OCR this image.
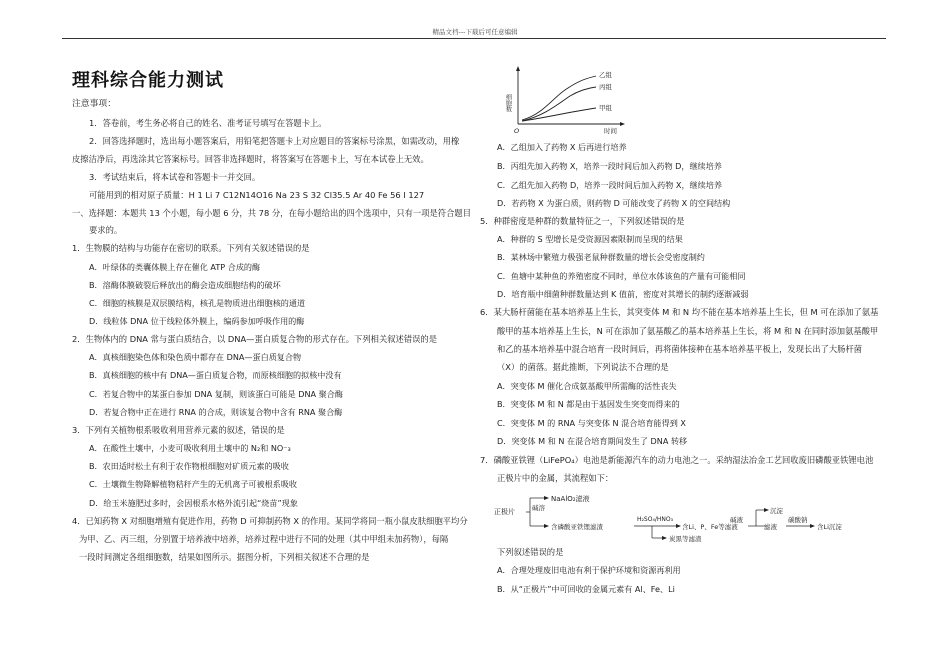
精品文档---下载后可任意编辑
理科综合能力测试
注意事项：
1．答卷前，考生务必将自己的姓名、准考证号填写在答题卡上。
2．回答选择题时，选出每小题答案后，用铅笔把答题卡上对应题目的答案标号涂黑，如需改动，用橡
皮擦洁净后，再选涂其它答案标号。回答非选择题时，将答案写在答题卡上，写在本试卷上无效。
3．考试结束后，将本试卷和答题卡一并交回。
可能用到的相对原子质量：H 1 Li 7 C12N14O16 Na 23 S 32 Cl35.5 Ar 40 Fe 56 I 127
一、选择题：本题共 13 个小题，每小题 6 分，共 78 分，在每小题给出的四个选项中，只有一项是符合题目
要求的。
1．生物膜的结构与功能存在密切的联系。下列有关叙述错误的是
A．叶绿体的类囊体膜上存在催化 ATP 合成的酶
B．溶酶体膜破裂后释放出的酶会造成细胞结构的破坏
C．细胞的核膜是双层膜结构，核孔是物质进出细胞核的通道
D．线粒体 DNA 位于线粒体外膜上，编码参加呼吸作用的酶
2．生物体内的 DNA 常与蛋白质结合，以 DNA—蛋白质复合物的形式存在。下列相关叙述错误的是
A．真核细胞染色体和染色质中都存在 DNA—蛋白质复合物
B．真核细胞的核中有 DNA—蛋白质复合物，而原核细胞的拟核中没有
C．若复合物中的某蛋白参加 DNA 复制，则该蛋白可能是 DNA 聚合酶
D．若复合物中正在进行 RNA 的合成，则该复合物中含有 RNA 聚合酶
3．下列有关植物根系吸收利用营养元素的叙述，错误的是
A．在酸性土壤中，小麦可吸收利用土壤中的 N₂和 NO⁻₃
B．农田适时松土有利于农作物根细胞对矿质元素的吸收
C．土壤微生物降解植物秸秆产生的无机离子可被根系吸收
D．给玉米施肥过多时，会因根系水格外流引起“烧苗”现象
4．已知药物 X 对细胞增殖有促进作用，药物 D 可抑制药物 X 的作用。某同学将同一瓶小鼠皮肤细胞平均分
为甲、乙、丙三组，分别置于培养液中培养，培养过程中进行不同的处理（其中甲组未加药物），每隔
一段时间测定各组细胞数，结果如图所示。据图分析，下列相关叙述不合理的是
A．乙组加入了药物 X 后再进行培养
B．丙组先加入药物 X，培养一段时间后加入药物 D，继续培养
C．乙组先加入药物 D，培养一段时间后加入药物 X，继续培养
D．若药物 X 为蛋白质，则药物 D 可能改变了药物 X 的空间结构
5．种群密度是种群的数量特征之一，下列叙述错误的是
A．种群的 S 型增长是受资源因素限制而呈现的结果
B．某林场中繁殖力极强老鼠种群数量的增长会受密度制约
C．鱼塘中某种鱼的养殖密度不同时，单位水体该鱼的产量有可能相同
D．培育瓶中细菌种群数量达到 K 值前，密度对其增长的制约逐渐减弱
6．某大肠杆菌能在基本培养基上生长，其突变体 M 和 N 均不能在基本培养基上生长，但 M 可在添加了氨基
酸甲的基本培养基上生长，N 可在添加了氨基酸乙的基本培养基上生长，将 M 和 N 在同时添加氨基酸甲
和乙的基本培养基中混合培育一段时间后，再将菌体接种在基本培养基平板上，发现长出了大肠杆菌
（X）的菌落。据此推断，下列说法不合理的是
A．突变体 M 催化合成氨基酸甲所需酶的活性丧失
B．突变体 M 和 N 都是由于基因发生突变而得来的
C．突变体 M 的 RNA 与突变体 N 混合培育能得到 X
D．突变体 M 和 N 在混合培育期间发生了 DNA 转移
7．磷酸亚铁锂（LiFePO₄）电池是新能源汽车的动力电池之一。采纳湿法冶金工艺回收废旧磷酸亚铁锂电池
正极片中的金属，其流程如下：
下列叙述错误的是
A．合理处理废旧电池有利于保护环境和资源再利用
B．从“正极片”中可回收的金属元素有 Al、Fe、Li
细胞数
O	时间
乙组
丙组
甲组
正极片	碱溶
NaAlO₂滤液
含磷酸亚铁锂滤渣
H₂SO₄/HNO₃
含Li、P、Fe等滤液
炭黑等滤渣
碱液
沉淀
滤液
碳酸钠
含Li沉淀
